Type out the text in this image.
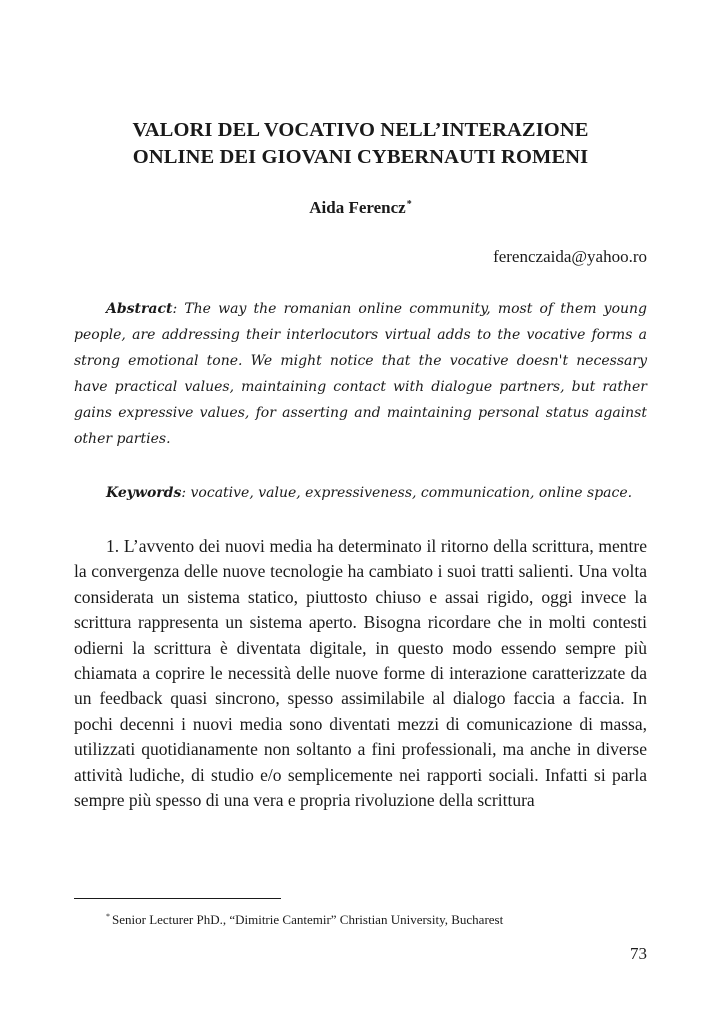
VALORI DEL VOCATIVO NELL’INTERAZIONE
ONLINE DEI GIOVANI CYBERNAUTI ROMENI
Aida Ferencz*
ferenczaida@yahoo.ro

Abstract: The way the romanian online community, most of them young people, are addressing their interlocutors virtual adds to the vocative forms a strong emotional tone. We might notice that the vocative doesn't necessary have practical values, maintaining contact with dialogue partners, but rather gains expressive values, for asserting and maintaining personal status against other parties.

Keywords: vocative, value, expressiveness, communication, online space.

1. L’avvento dei nuovi media ha determinato il ritorno della scrittura, mentre la convergenza delle nuove tecnologie ha cambiato i suoi tratti salienti. Una volta considerata un sistema statico, piuttosto chiuso e assai rigido, oggi invece la scrittura rappresenta un sistema aperto. Bisogna ricordare che in molti contesti odierni la scrittura è diventata digitale, in questo modo essendo sempre più chiamata a coprire le necessità delle nuove forme di interazione caratterizzate da un feedback quasi sincrono, spesso assimilabile al dialogo faccia a faccia. In pochi decenni i nuovi media sono diventati mezzi di comunicazione di massa, utilizzati quotidianamente non soltanto a fini professionali, ma anche in diverse attività ludiche, di studio e/o semplicemente nei rapporti sociali. Infatti si parla sempre più spesso di una vera e propria rivoluzione della scrittura

* Senior Lecturer PhD., “Dimitrie Cantemir” Christian University, Bucharest
73
